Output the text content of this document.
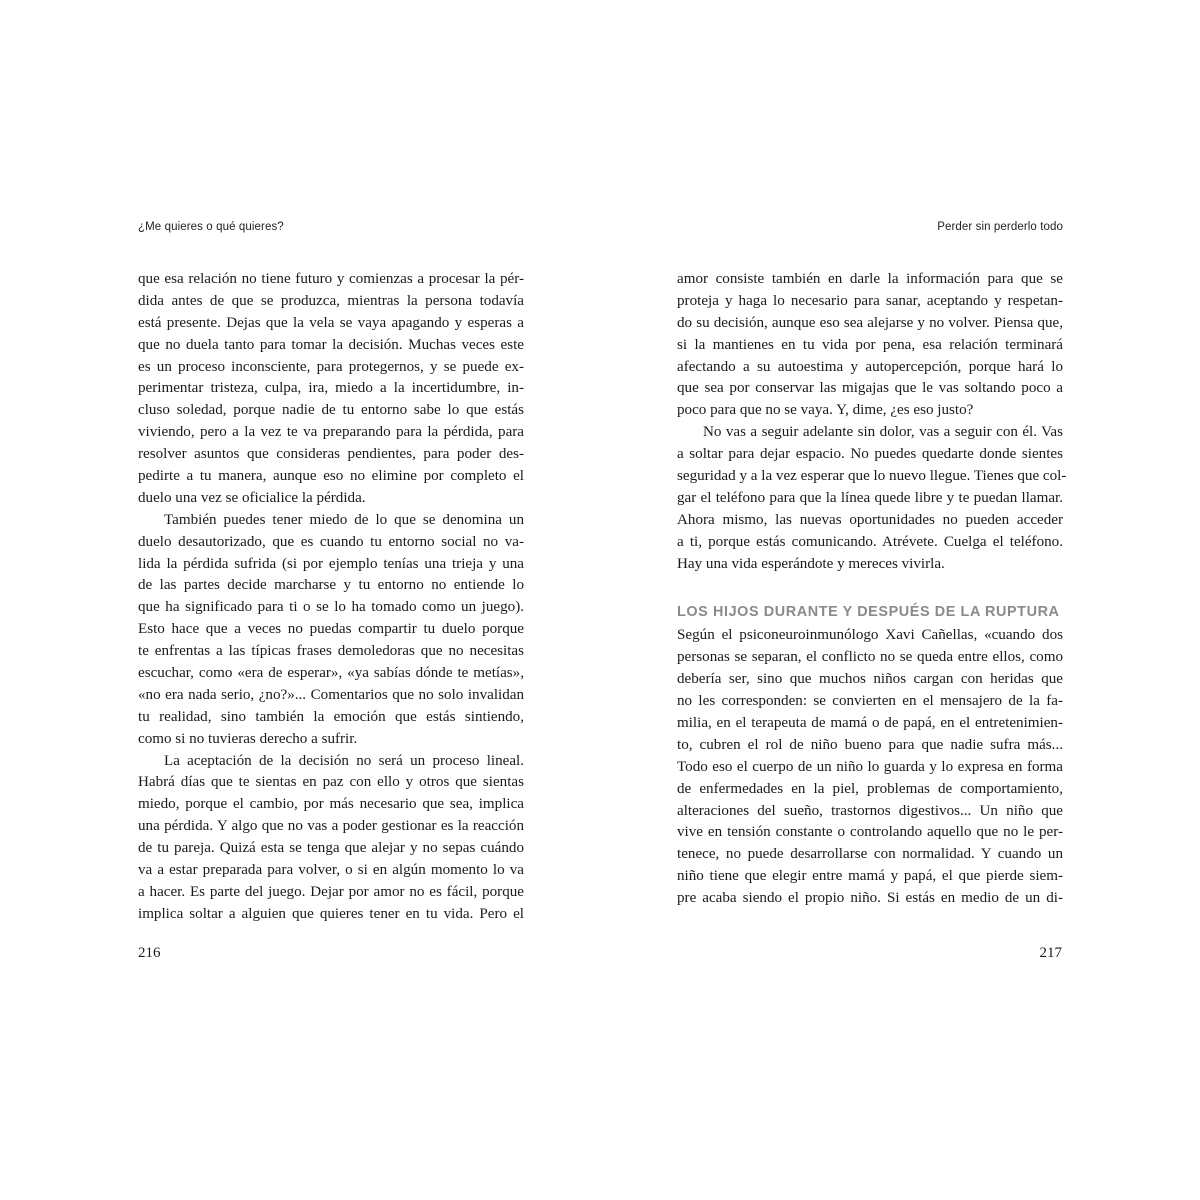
¿Me quieres o qué quieres?
que esa relación no tiene futuro y comienzas a procesar la pér-
dida antes de que se produzca, mientras la persona todavía
está presente. Dejas que la vela se vaya apagando y esperas a
que no duela tanto para tomar la decisión. Muchas veces este
es un proceso inconsciente, para protegernos, y se puede ex-
perimentar tristeza, culpa, ira, miedo a la incertidumbre, in-
cluso soledad, porque nadie de tu entorno sabe lo que estás
viviendo, pero a la vez te va preparando para la pérdida, para
resolver asuntos que consideras pendientes, para poder des-
pedirte a tu manera, aunque eso no elimine por completo el
duelo una vez se oficialice la pérdida.
También puedes tener miedo de lo que se denomina un
duelo desautorizado, que es cuando tu entorno social no va-
lida la pérdida sufrida (si por ejemplo tenías una trieja y una
de las partes decide marcharse y tu entorno no entiende lo
que ha significado para ti o se lo ha tomado como un juego).
Esto hace que a veces no puedas compartir tu duelo porque
te enfrentas a las típicas frases demoledoras que no necesitas
escuchar, como «era de esperar», «ya sabías dónde te metías»,
«no era nada serio, ¿no?»... Comentarios que no solo invalidan
tu realidad, sino también la emoción que estás sintiendo,
como si no tuvieras derecho a sufrir.
La aceptación de la decisión no será un proceso lineal.
Habrá días que te sientas en paz con ello y otros que sientas
miedo, porque el cambio, por más necesario que sea, implica
una pérdida. Y algo que no vas a poder gestionar es la reacción
de tu pareja. Quizá esta se tenga que alejar y no sepas cuándo
va a estar preparada para volver, o si en algún momento lo va
a hacer. Es parte del juego. Dejar por amor no es fácil, porque
implica soltar a alguien que quieres tener en tu vida. Pero el
216
Perder sin perderlo todo
amor consiste también en darle la información para que se
proteja y haga lo necesario para sanar, aceptando y respetan-
do su decisión, aunque eso sea alejarse y no volver. Piensa que,
si la mantienes en tu vida por pena, esa relación terminará
afectando a su autoestima y autopercepción, porque hará lo
que sea por conservar las migajas que le vas soltando poco a
poco para que no se vaya. Y, dime, ¿es eso justo?
No vas a seguir adelante sin dolor, vas a seguir con él. Vas
a soltar para dejar espacio. No puedes quedarte donde sientes
seguridad y a la vez esperar que lo nuevo llegue. Tienes que col-
gar el teléfono para que la línea quede libre y te puedan llamar.
Ahora mismo, las nuevas oportunidades no pueden acceder
a ti, porque estás comunicando. Atrévete. Cuelga el teléfono.
Hay una vida esperándote y mereces vivirla.
LOS HIJOS DURANTE Y DESPUÉS DE LA RUPTURA
Según el psiconeuroinmunólogo Xavi Cañellas, «cuando dos
personas se separan, el conflicto no se queda entre ellos, como
debería ser, sino que muchos niños cargan con heridas que
no les corresponden: se convierten en el mensajero de la fa-
milia, en el terapeuta de mamá o de papá, en el entretenimien-
to, cubren el rol de niño bueno para que nadie sufra más...
Todo eso el cuerpo de un niño lo guarda y lo expresa en forma
de enfermedades en la piel, problemas de comportamiento,
alteraciones del sueño, trastornos digestivos... Un niño que
vive en tensión constante o controlando aquello que no le per-
tenece, no puede desarrollarse con normalidad. Y cuando un
niño tiene que elegir entre mamá y papá, el que pierde siem-
pre acaba siendo el propio niño. Si estás en medio de un di-
217
